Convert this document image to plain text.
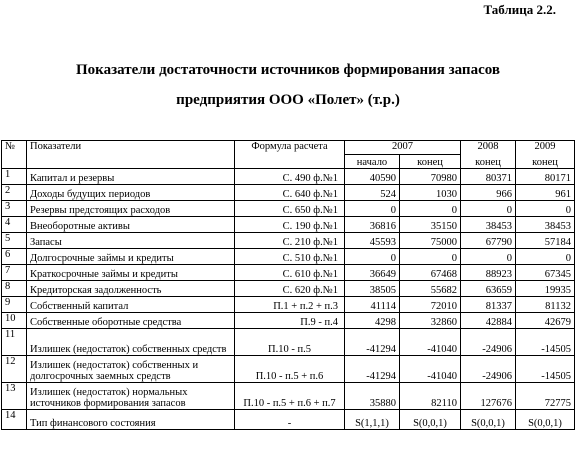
Таблица 2.2.
Показатели достаточности источников формирования запасов
предприятия ООО «Полет» (т.р.)
№	Показатели	Формула расчета	2007		2008	2009
			начало	конец	конец	конец
1	Капитал и резервы	С. 490 ф.№1	40590	70980	80371	80171
2	Доходы будущих периодов	С. 640 ф.№1	524	1030	966	961
3	Резервы предстоящих расходов	С. 650 ф.№1	0	0	0	0
4	Внеоборотные активы	С. 190 ф.№1	36816	35150	38453	38453
5	Запасы	С. 210 ф.№1	45593	75000	67790	57184
6	Долгосрочные займы и кредиты	С. 510 ф.№1	0	0	0	0
7	Краткосрочные займы и кредиты	С. 610 ф.№1	36649	67468	88923	67345
8	Кредиторская задолженность	С. 620 ф.№1	38505	55682	63659	19935
9	Собственный капитал	П.1 + п.2 + п.3	41114	72010	81337	81132
10	Собственные оборотные средства	П.9 - п.4	4298	32860	42884	42679
11	Излишек (недостаток) собственных средств	П.10 - п.5	-41294	-41040	-24906	-14505
12	Излишек (недостаток) собственных и долгосрочных заемных средств	П.10 - п.5 + п.6	-41294	-41040	-24906	-14505
13	Излишек (недостаток) нормальных источников формирования запасов	П.10 - п.5 + п.6 + п.7	35880	82110	127676	72775
14	Тип финансового состояния	-	S(1,1,1)	S(0,0,1)	S(0,0,1)	S(0,0,1)
